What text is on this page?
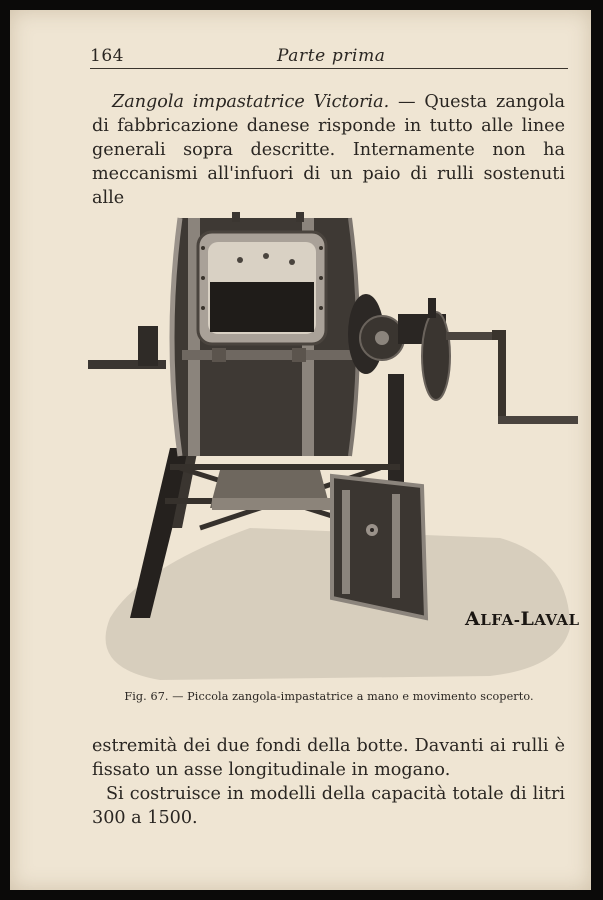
164	Parte prima

Zangola impastatrice Victoria. — Questa zangola di fabbricazione danese risponde in tutto alle linee generali sopra descritte. Internamente non ha meccanismi all'infuori di un paio di rulli sostenuti alle

ALFA-LAVAL
Fig. 67. — Piccola zangola-impastatrice a mano e movimento scoperto.

estremità dei due fondi della botte. Davanti ai rulli è fissato un asse longitudinale in mogano.

Si costruisce in modelli della capacità totale di litri 300 a 1500.
